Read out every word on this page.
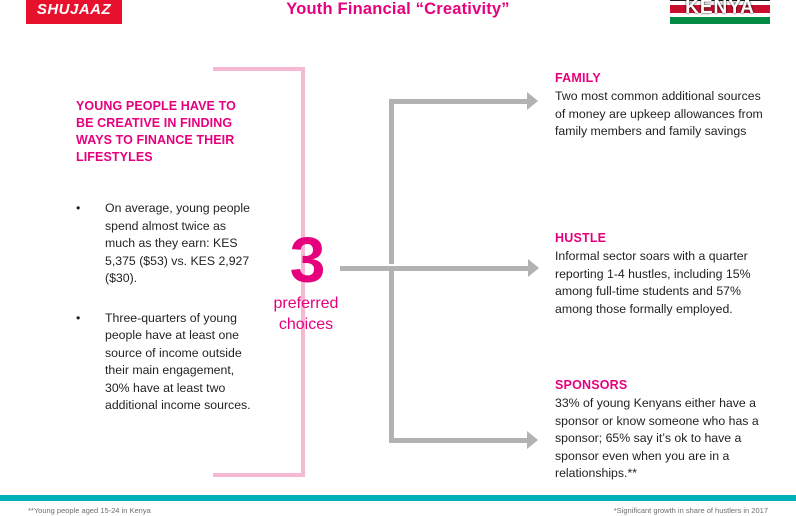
SHUJAAZ	Youth Financial “Creativity”	KENYA
YOUNG PEOPLE HAVE TO BE CREATIVE IN FINDING WAYS TO FINANCE THEIR LIFESTYLES
• On average, young people spend almost twice as much as they earn: KES 5,375 ($53) vs. KES 2,927 ($30).
• Three-quarters of young people have at least one source of income outside their main engagement, 30% have at least two additional income sources.
3
preferred choices
FAMILY
Two most common additional sources of money are upkeep allowances from family members and family savings
HUSTLE
Informal sector soars with a quarter reporting 1-4 hustles, including 15% among full-time students and 57% among those formally employed.
SPONSORS
33% of young Kenyans either have a sponsor or know someone who has a sponsor; 65% say it’s ok to have a sponsor even when you are in a relationships.**
**Young people aged 15-24 in Kenya	*Significant growth in share of hustlers in 2017
